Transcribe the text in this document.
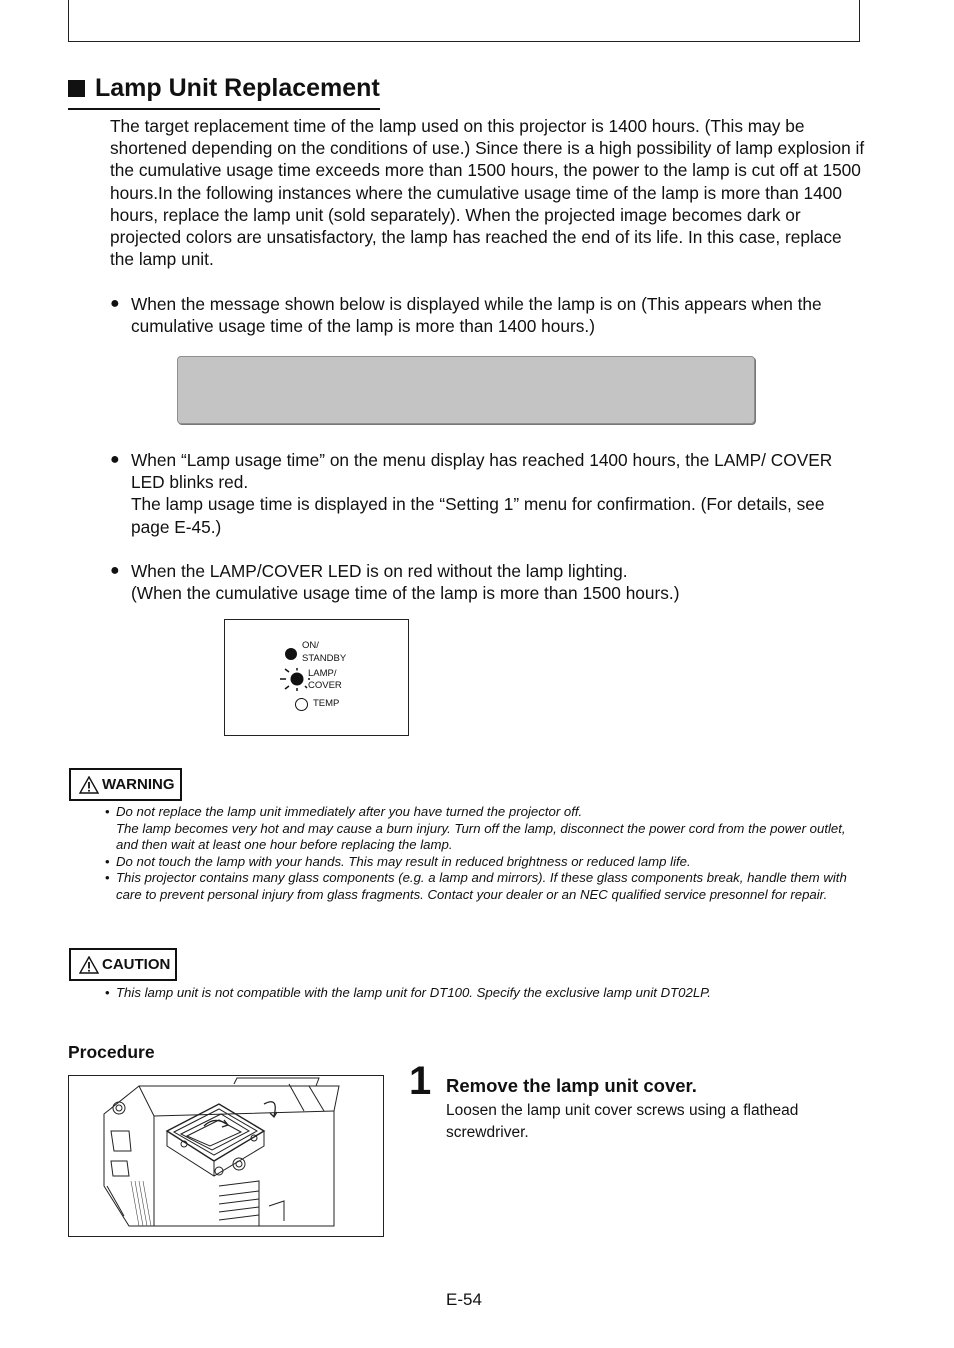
Lamp Unit Replacement
The target replacement time of the lamp used on this projector is 1400 hours. (This may be shortened depending on the conditions of use.) Since there is a high possibility of lamp explosion if the cumulative usage time exceeds more than 1500 hours, the power to the lamp is cut off at 1500 hours.In the following instances where the cumulative usage time of the lamp is more than 1400 hours, replace the lamp unit (sold separately). When the projected image becomes dark or projected colors are unsatisfactory, the lamp has reached the end of its life. In this case, replace the lamp unit.
● When the message shown below is displayed while the lamp is on (This appears when the cumulative usage time of the lamp is more than 1400 hours.)
● When “Lamp usage time” on the menu display has reached 1400 hours, the LAMP/ COVER LED blinks red.
The lamp usage time is displayed in the “Setting 1” menu for confirmation. (For details, see page E-45.)
● When the LAMP/COVER LED is on red without the lamp lighting.
(When the cumulative usage time of the lamp is more than 1500 hours.)
ON/
STANDBY
LAMP/
COVER
TEMP
WARNING
• Do not replace the lamp unit immediately after you have turned the projector off.
The lamp becomes very hot and may cause a burn injury. Turn off the lamp, disconnect the power cord from the power outlet, and then wait at least one hour before replacing the lamp.
• Do not touch the lamp with your hands. This may result in reduced brightness or reduced lamp life.
• This projector contains many glass components (e.g. a lamp and mirrors). If these glass components break, handle them with care to prevent personal injury from glass fragments. Contact your dealer or an NEC qualified service presonnel for repair.
CAUTION
• This lamp unit is not compatible with the lamp unit for DT100. Specify the exclusive lamp unit DT02LP.
Procedure
1 Remove the lamp unit cover.
Loosen the lamp unit cover screws using a flathead screwdriver.
E-54
